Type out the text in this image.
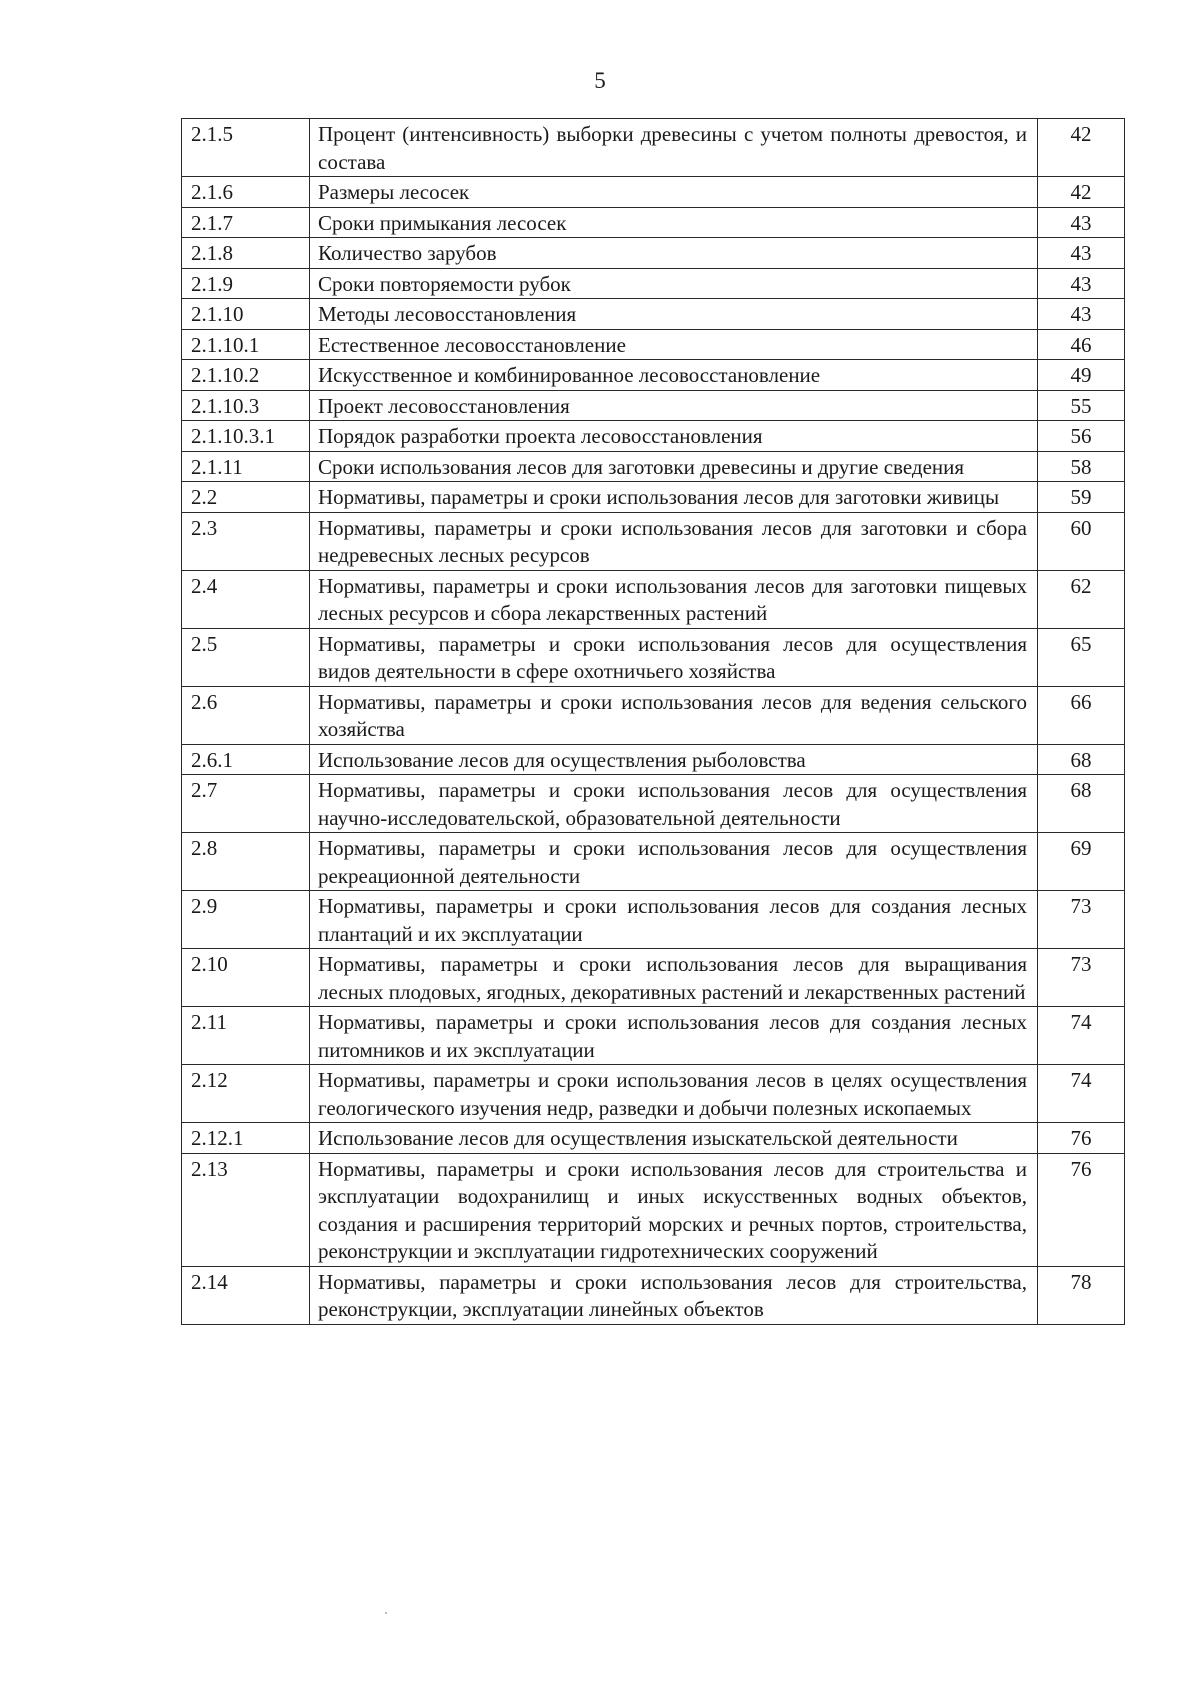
5
2.1.5	Процент (интенсивность) выборки древесины с учетом полноты древостоя, и состава	42
2.1.6	Размеры лесосек	42
2.1.7	Сроки примыкания лесосек	43
2.1.8	Количество зарубов	43
2.1.9	Сроки повторяемости рубок	43
2.1.10	Методы лесовосстановления	43
2.1.10.1	Естественное лесовосстановление	46
2.1.10.2	Искусственное и комбинированное лесовосстановление	49
2.1.10.3	Проект лесовосстановления	55
2.1.10.3.1	Порядок разработки проекта лесовосстановления	56
2.1.11	Сроки использования лесов для заготовки древесины и другие сведения	58
2.2	Нормативы, параметры и сроки использования лесов для заготовки живицы	59
2.3	Нормативы, параметры и сроки использования лесов для заготовки и сбора недревесных лесных ресурсов	60
2.4	Нормативы, параметры и сроки использования лесов для заготовки пищевых лесных ресурсов и сбора лекарственных растений	62
2.5	Нормативы, параметры и сроки использования лесов для осуществления видов деятельности в сфере охотничьего хозяйства	65
2.6	Нормативы, параметры и сроки использования лесов для ведения сельского хозяйства	66
2.6.1	Использование лесов для осуществления рыболовства	68
2.7	Нормативы, параметры и сроки использования лесов для осуществления научно-исследовательской, образовательной деятельности	68
2.8	Нормативы, параметры и сроки использования лесов для осуществления рекреационной деятельности	69
2.9	Нормативы, параметры и сроки использования лесов для создания лесных плантаций и их эксплуатации	73
2.10	Нормативы, параметры и сроки использования лесов для выращивания лесных плодовых, ягодных, декоративных растений и лекарственных растений	73
2.11	Нормативы, параметры и сроки использования лесов для создания лесных питомников и их эксплуатации	74
2.12	Нормативы, параметры и сроки использования лесов в целях осуществления геологического изучения недр, разведки и добычи полезных ископаемых	74
2.12.1	Использование лесов для осуществления изыскательской деятельности	76
2.13	Нормативы, параметры и сроки использования лесов для строительства и эксплуатации водохранилищ и иных искусственных водных объектов, создания и расширения территорий морских и речных портов, строительства, реконструкции и эксплуатации гидротехнических сооружений	76
2.14	Нормативы, параметры и сроки использования лесов для строительства, реконструкции, эксплуатации линейных объектов	78
